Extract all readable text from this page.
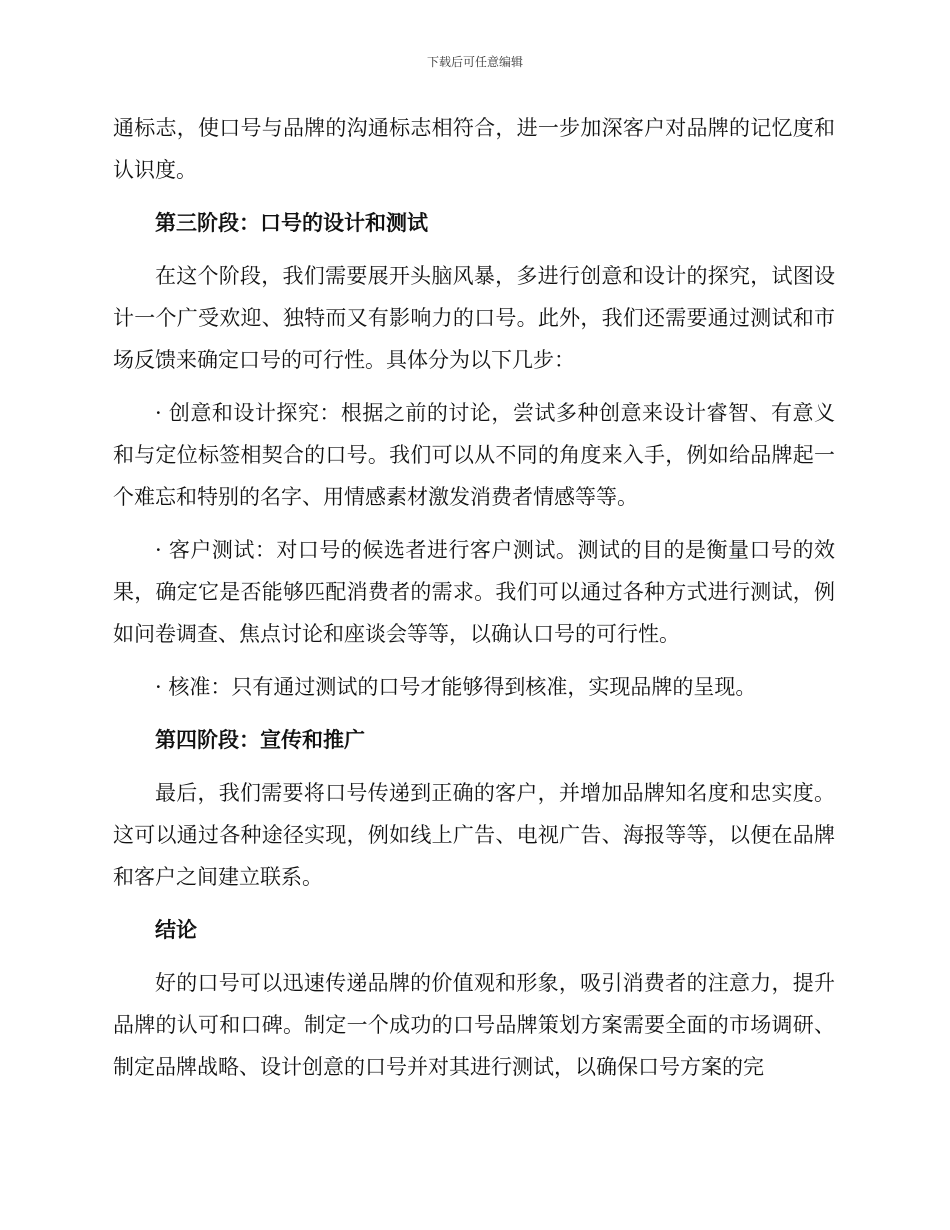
下载后可任意编辑

通标志，使口号与品牌的沟通标志相符合，进一步加深客户对品牌的记忆度和认识度。

第三阶段：口号的设计和测试

在这个阶段，我们需要展开头脑风暴，多进行创意和设计的探究，试图设计一个广受欢迎、独特而又有影响力的口号。此外，我们还需要通过测试和市场反馈来确定口号的可行性。具体分为以下几步：

· 创意和设计探究：根据之前的讨论，尝试多种创意来设计睿智、有意义和与定位标签相契合的口号。我们可以从不同的角度来入手，例如给品牌起一个难忘和特别的名字、用情感素材激发消费者情感等等。

· 客户测试：对口号的候选者进行客户测试。测试的目的是衡量口号的效果，确定它是否能够匹配消费者的需求。我们可以通过各种方式进行测试，例如问卷调查、焦点讨论和座谈会等等，以确认口号的可行性。

· 核准：只有通过测试的口号才能够得到核准，实现品牌的呈现。

第四阶段：宣传和推广

最后，我们需要将口号传递到正确的客户，并增加品牌知名度和忠实度。这可以通过各种途径实现，例如线上广告、电视广告、海报等等，以便在品牌和客户之间建立联系。

结论

好的口号可以迅速传递品牌的价值观和形象，吸引消费者的注意力，提升品牌的认可和口碑。制定一个成功的口号品牌策划方案需要全面的市场调研、制定品牌战略、设计创意的口号并对其进行测试，以确保口号方案的完
